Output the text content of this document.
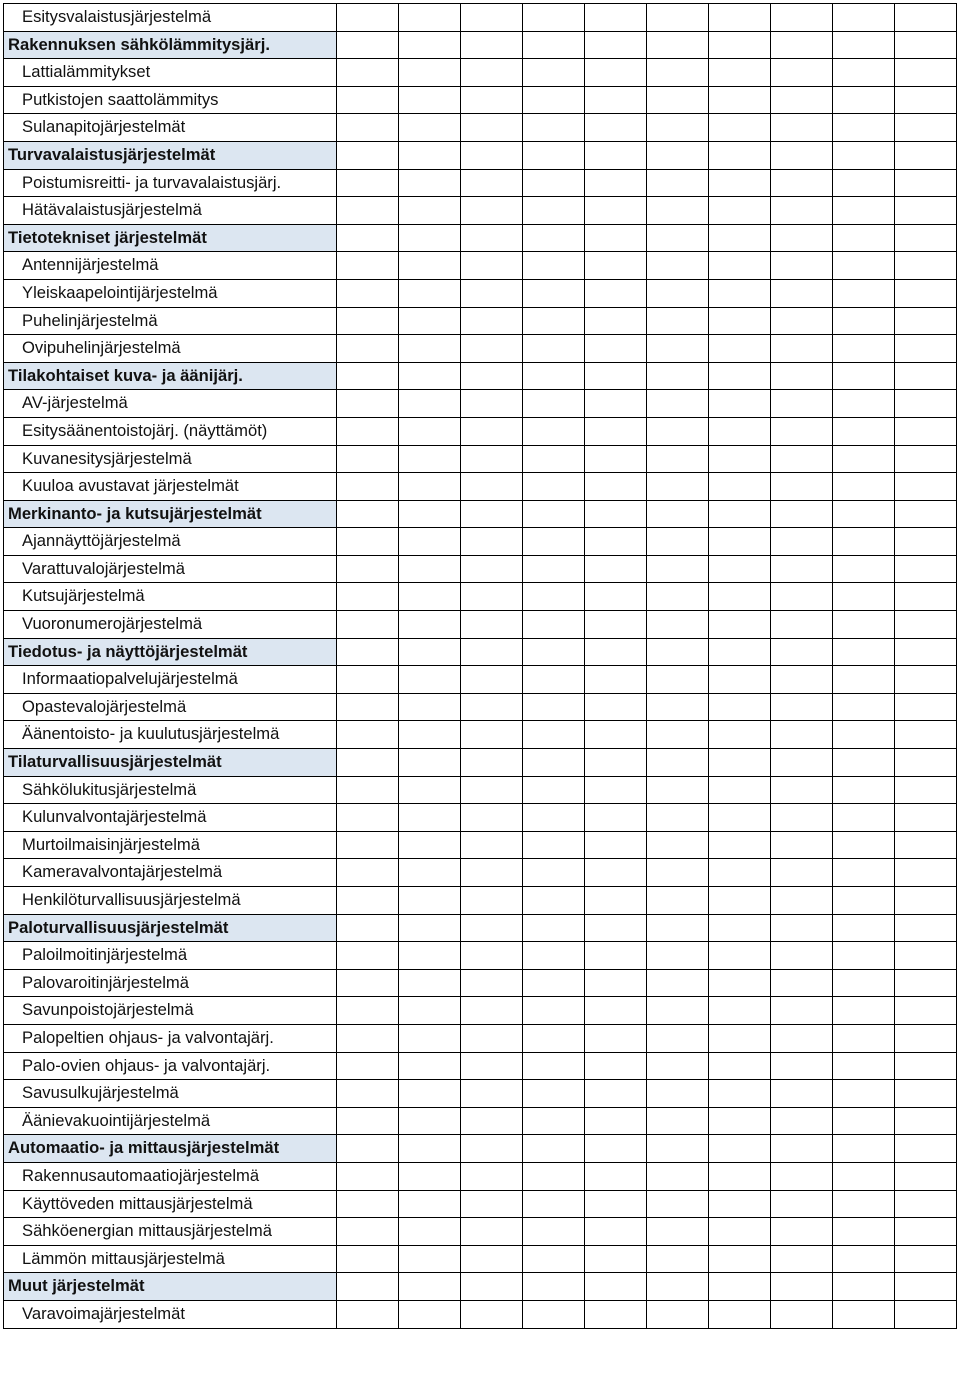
Esitysvalaistusjärjestelmä										
Rakennuksen sähkölämmitysjärj.										
Lattialämmitykset										
Putkistojen saattolämmitys										
Sulanapitojärjestelmät										
Turvavalaistusjärjestelmät										
Poistumisreitti- ja turvavalaistusjärj.										
Hätävalaistusjärjestelmä										
Tietotekniset järjestelmät										
Antennijärjestelmä										
Yleiskaapelointijärjestelmä										
Puhelinjärjestelmä										
Ovipuhelinjärjestelmä										
Tilakohtaiset kuva- ja äänijärj.										
AV-järjestelmä										
Esitysäänentoistojärj. (näyttämöt)										
Kuvanesitysjärjestelmä										
Kuuloa avustavat järjestelmät										
Merkinanto- ja kutsujärjestelmät										
Ajannäyttöjärjestelmä										
Varattuvalojärjestelmä										
Kutsujärjestelmä										
Vuoronumerojärjestelmä										
Tiedotus- ja näyttöjärjestelmät										
Informaatiopalvelujärjestelmä										
Opastevalojärjestelmä										
Äänentoisto- ja kuulutusjärjestelmä										
Tilaturvallisuusjärjestelmät										
Sähkölukitusjärjestelmä										
Kulunvalvontajärjestelmä										
Murtoilmaisinjärjestelmä										
Kameravalvontajärjestelmä										
Henkilöturvallisuusjärjestelmä										
Paloturvallisuusjärjestelmät										
Paloilmoitinjärjestelmä										
Palovaroitinjärjestelmä										
Savunpoistojärjestelmä										
Palopeltien ohjaus- ja valvontajärj.										
Palo-ovien ohjaus- ja valvontajärj.										
Savusulkujärjestelmä										
Äänievakuointijärjestelmä										
Automaatio- ja mittausjärjestelmät										
Rakennusautomaatiojärjestelmä										
Käyttöveden mittausjärjestelmä										
Sähköenergian mittausjärjestelmä										
Lämmön mittausjärjestelmä										
Muut järjestelmät										
Varavoimajärjestelmät										
